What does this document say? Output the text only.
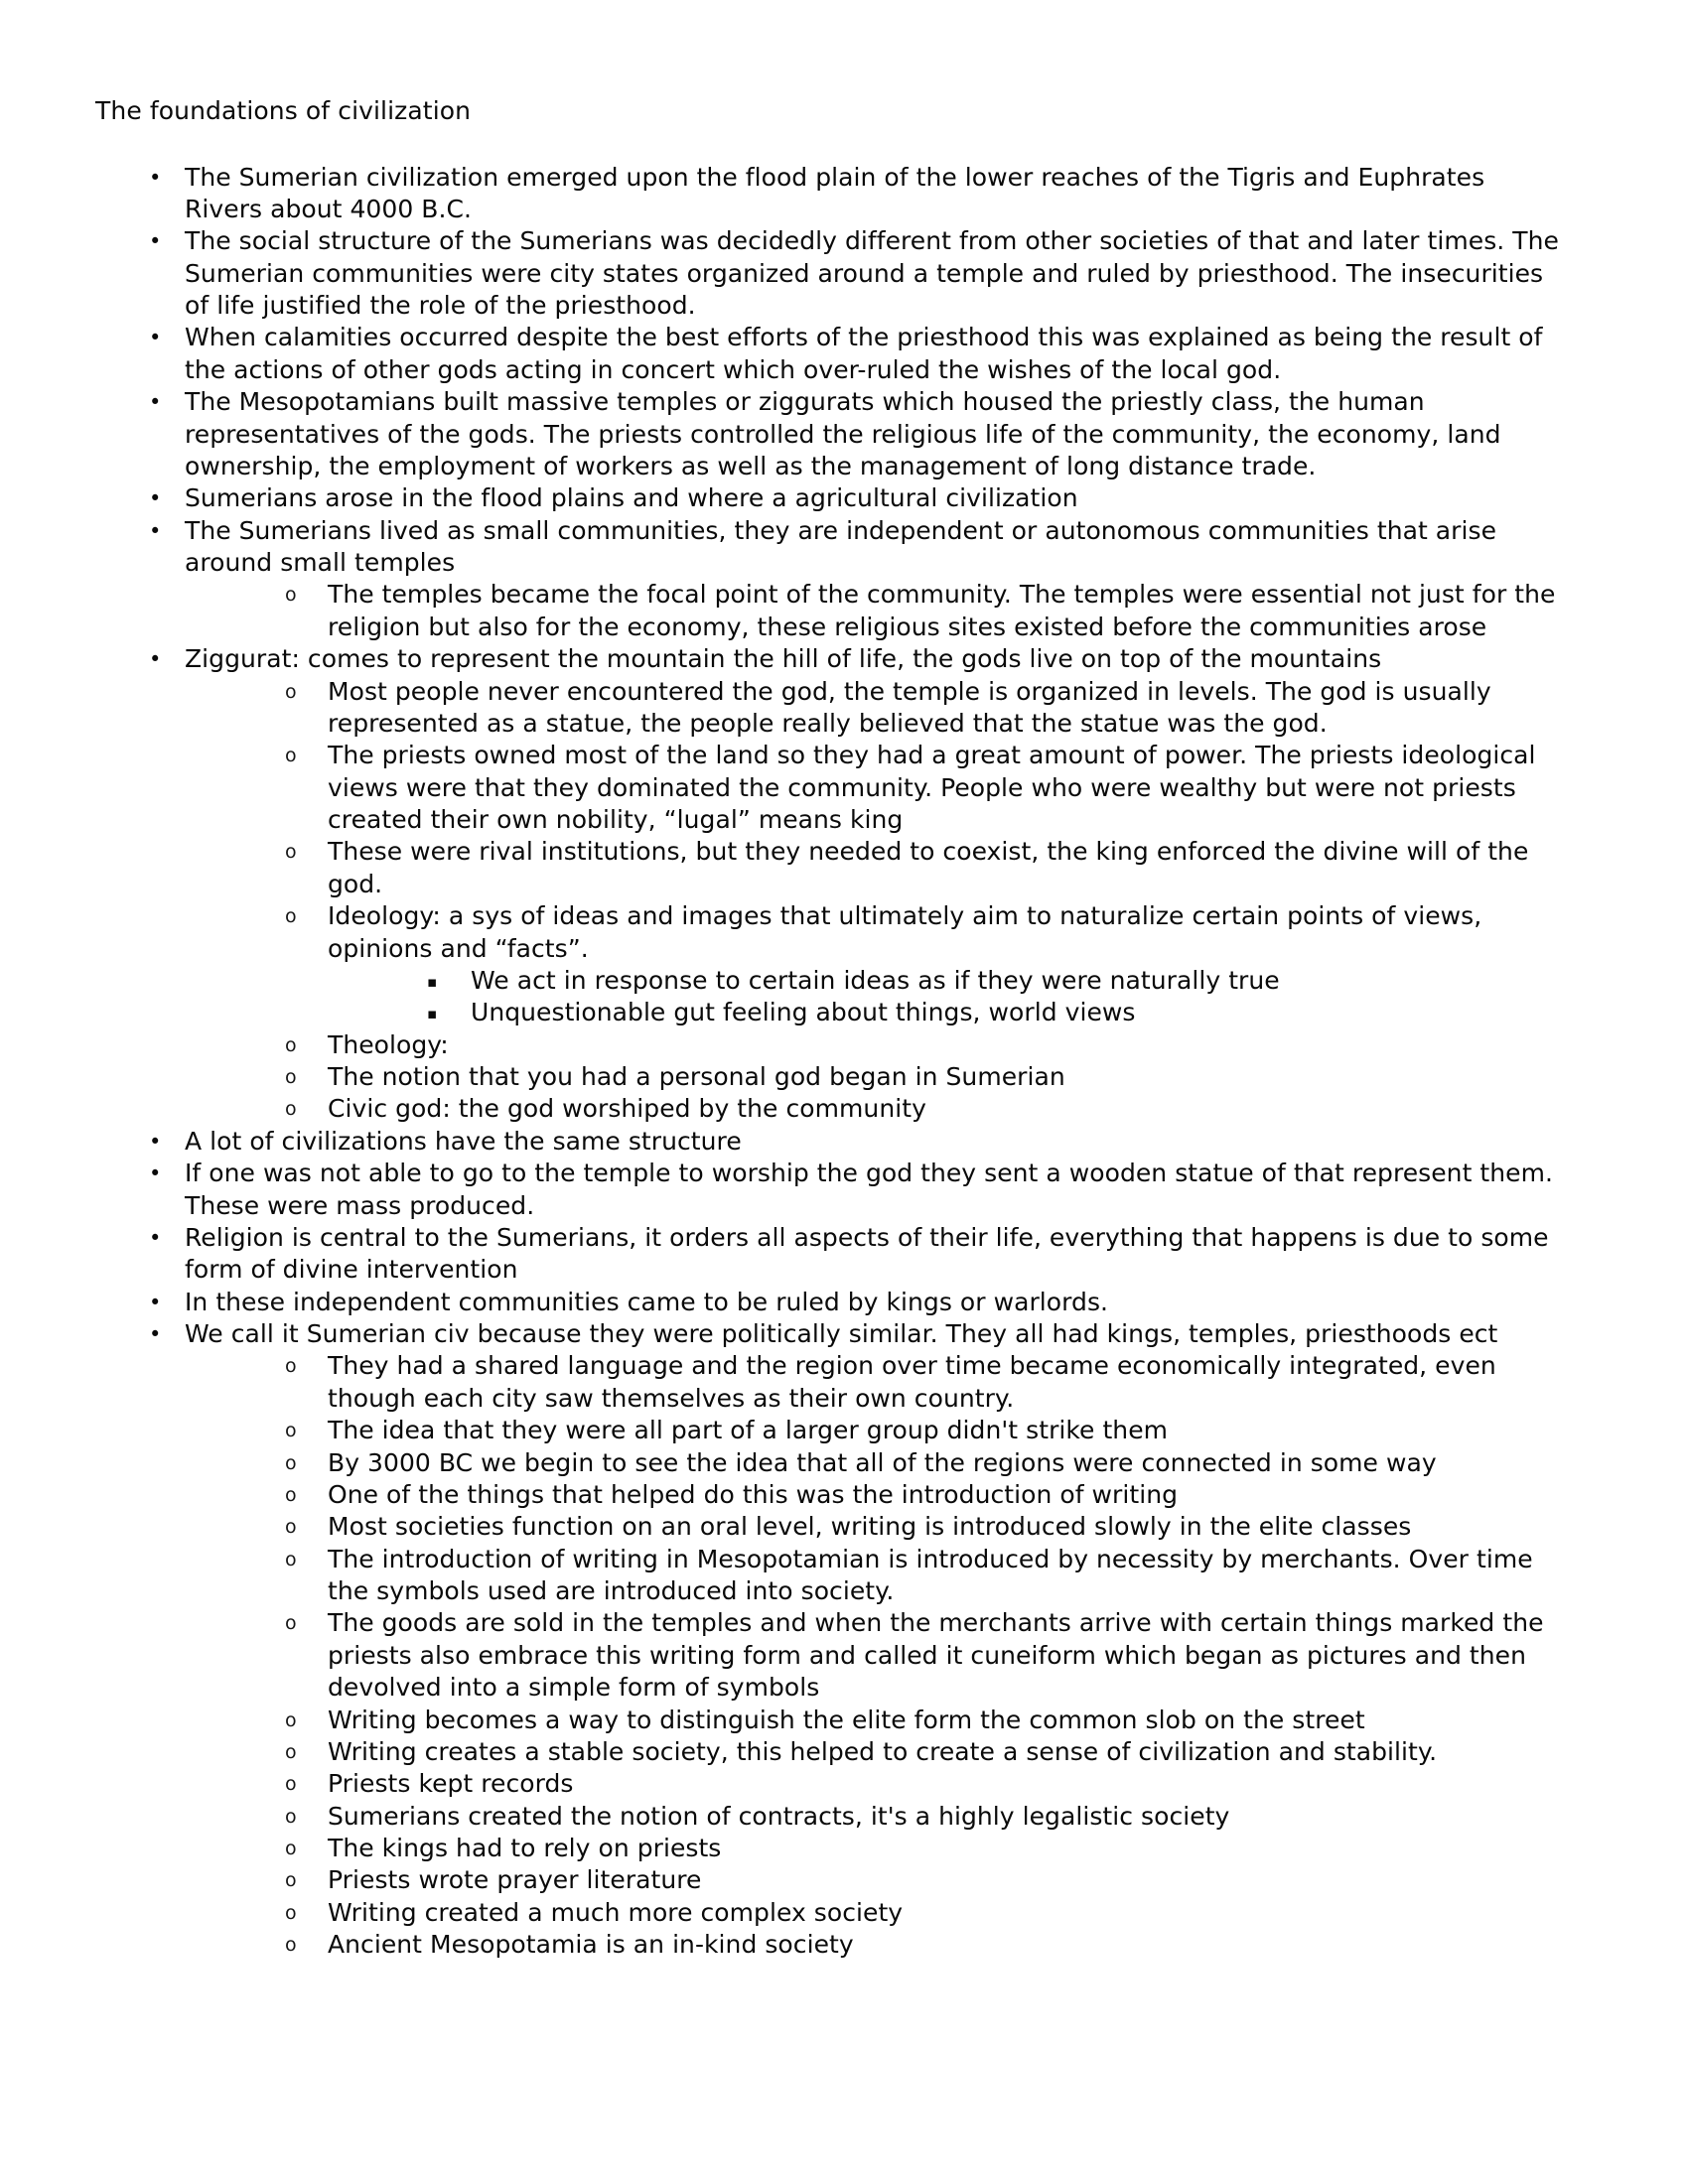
The foundations of civilization
• The Sumerian civilization emerged upon the flood plain of the lower reaches of the Tigris and Euphrates Rivers about 4000 B.C.
• The social structure of the Sumerians was decidedly different from other societies of that and later times. The Sumerian communities were city states organized around a temple and ruled by priesthood. The insecurities of life justified the role of the priesthood.
• When calamities occurred despite the best efforts of the priesthood this was explained as being the result of the actions of other gods acting in concert which over-ruled the wishes of the local god.
• The Mesopotamians built massive temples or ziggurats which housed the priestly class, the human representatives of the gods. The priests controlled the religious life of the community, the economy, land ownership, the employment of workers as well as the management of long distance trade.
• Sumerians arose in the flood plains and where a agricultural civilization
• The Sumerians lived as small communities, they are independent or autonomous communities that arise around small temples
o	The temples became the focal point of the community. The temples were essential not just for the religion but also for the economy, these religious sites existed before the communities arose
• Ziggurat: comes to represent the mountain the hill of life, the gods live on top of the mountains
o	Most people never encountered the god, the temple is organized in levels. The god is usually represented as a statue, the people really believed that the statue was the god.
o	The priests owned most of the land so they had a great amount of power. The priests ideological views were that they dominated the community. People who were wealthy but were not priests created their own nobility, “lugal” means king
o	These were rival institutions, but they needed to coexist, the king enforced the divine will of the god.
o	Ideology: a sys of ideas and images that ultimately aim to naturalize certain points of views, opinions and “facts”.
▪	We act in response to certain ideas as if they were naturally true
▪	Unquestionable gut feeling about things, world views
o	Theology:
o	The notion that you had a personal god began in Sumerian
o	Civic god: the god worshiped by the community
• A lot of civilizations have the same structure
• If one was not able to go to the temple to worship the god they sent a wooden statue of that represent them. These were mass produced.
• Religion is central to the Sumerians, it orders all aspects of their life, everything that happens is due to some form of divine intervention
• In these independent communities came to be ruled by kings or warlords.
• We call it Sumerian civ because they were politically similar. They all had kings, temples, priesthoods ect
o	They had a shared language and the region over time became economically integrated, even though each city saw themselves as their own country.
o	The idea that they were all part of a larger group didn't strike them
o	By 3000 BC we begin to see the idea that all of the regions were connected in some way
o	One of the things that helped do this was the introduction of writing
o	Most societies function on an oral level, writing is introduced slowly in the elite classes
o	The introduction of writing in Mesopotamian is introduced by necessity by merchants. Over time the symbols used are introduced into society.
o	The goods are sold in the temples and when the merchants arrive with certain things marked the priests also embrace this writing form and called it cuneiform which began as pictures and then devolved into a simple form of symbols
o	Writing becomes a way to distinguish the elite form the common slob on the street
o	Writing creates a stable society, this helped to create a sense of civilization and stability.
o	Priests kept records
o	Sumerians created the notion of contracts, it's a highly legalistic society
o	The kings had to rely on priests
o	Priests wrote prayer literature
o	Writing created a much more complex society
o	Ancient Mesopotamia is an in-kind society
